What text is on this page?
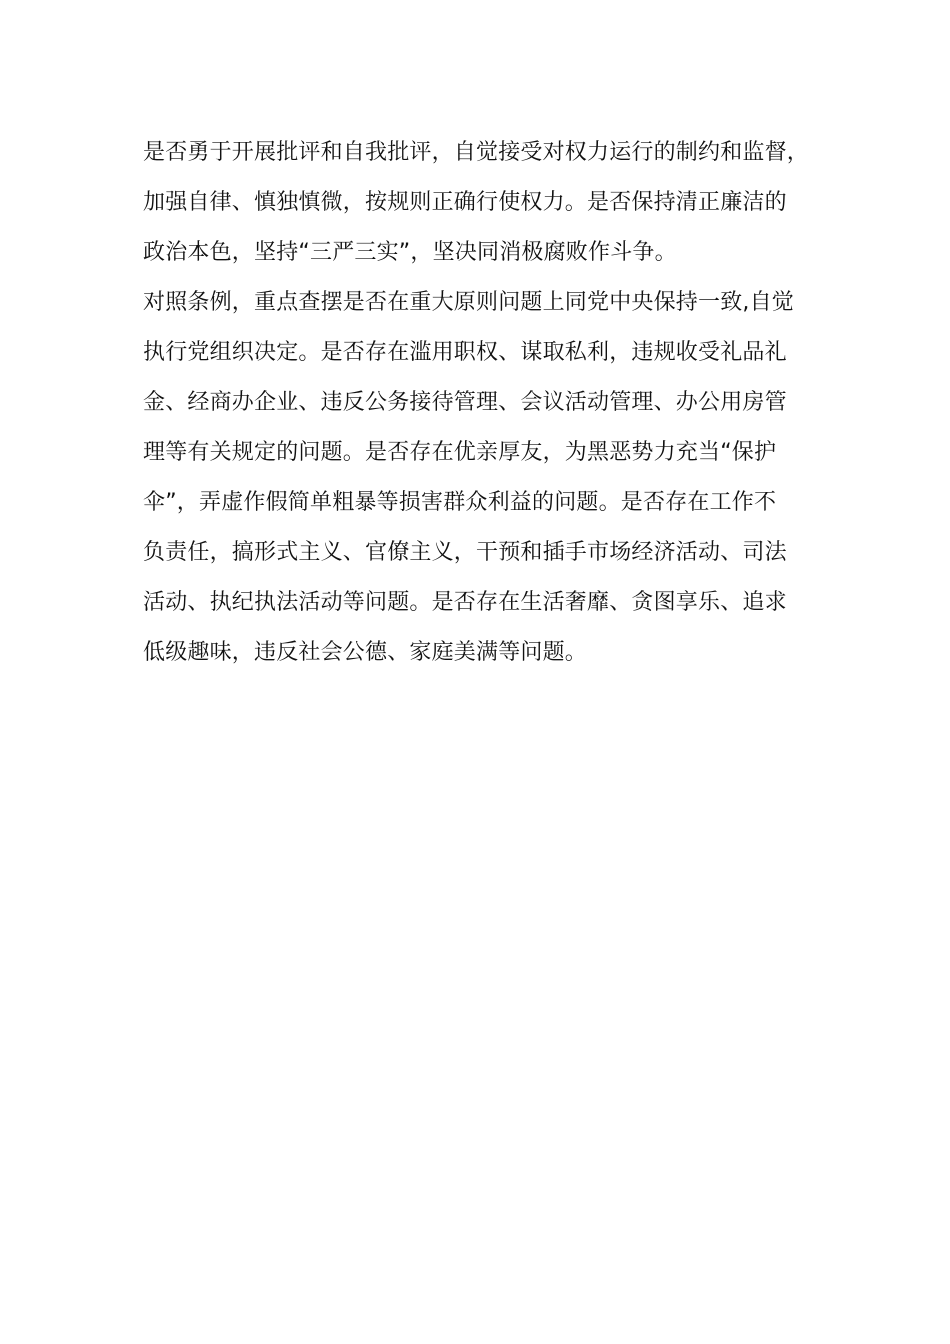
是否勇于开展批评和自我批评，自觉接受对权力运行的制约和监督，
加强自律、慎独慎微，按规则正确行使权力。是否保持清正廉洁的
政治本色，坚持“三严三实”，坚决同消极腐败作斗争。
对照条例，重点查摆是否在重大原则问题上同党中央保持一致,自觉
执行党组织决定。是否存在滥用职权、谋取私利，违规收受礼品礼
金、经商办企业、违反公务接待管理、会议活动管理、办公用房管
理等有关规定的问题。是否存在优亲厚友，为黑恶势力充当“保护
伞”，弄虚作假简单粗暴等损害群众利益的问题。是否存在工作不
负责任，搞形式主义、官僚主义，干预和插手市场经济活动、司法
活动、执纪执法活动等问题。是否存在生活奢靡、贪图享乐、追求
低级趣味，违反社会公德、家庭美满等问题。
